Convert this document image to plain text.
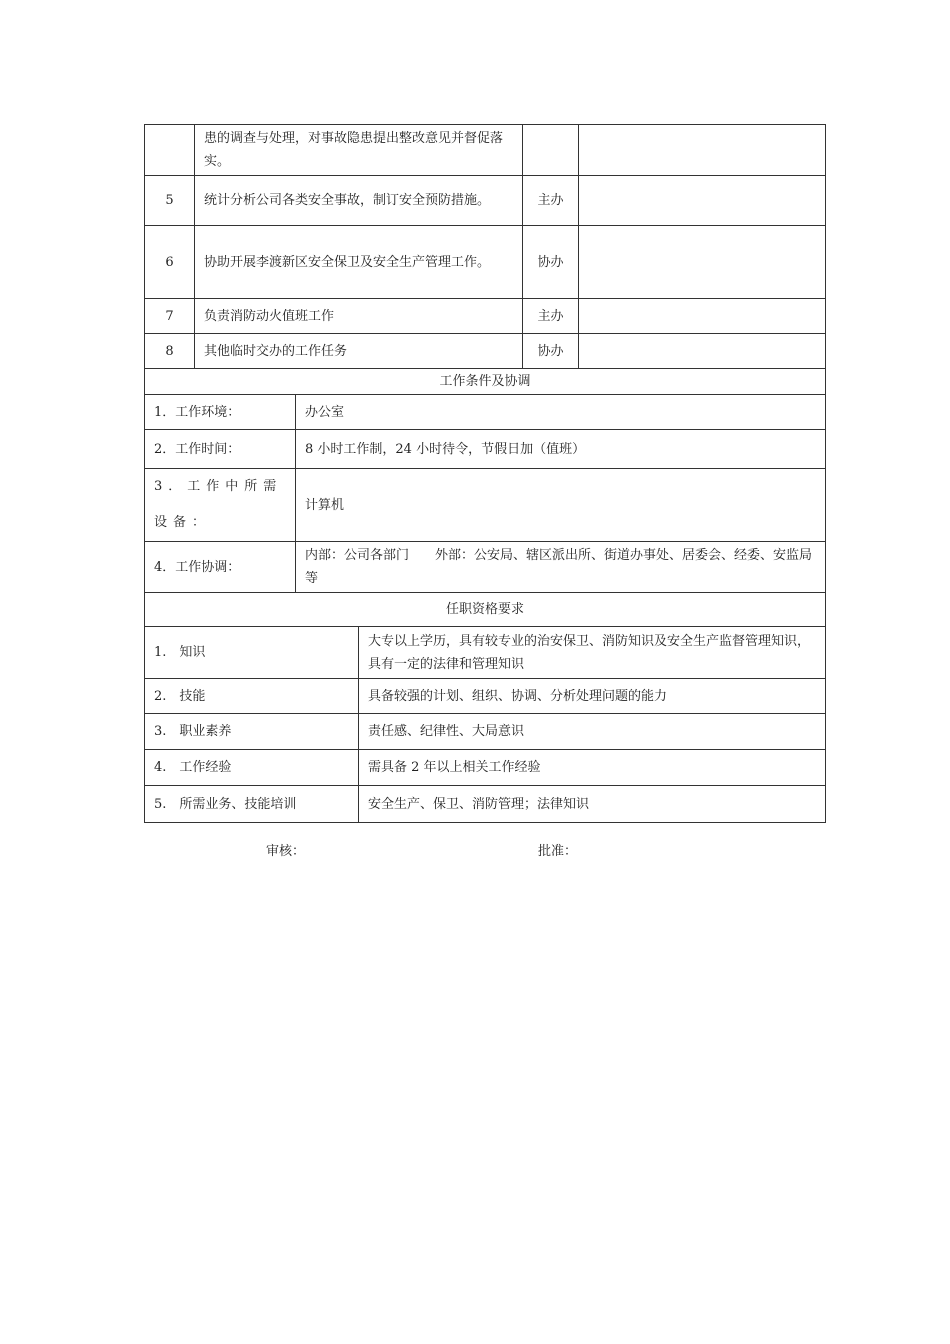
	患的调查与处理，对事故隐患提出整改意见并督促落实。		
5	统计分析公司各类安全事故，制订安全预防措施。	主办	
6	协助开展李渡新区安全保卫及安全生产管理工作。	协办	
7	负责消防动火值班工作	主办	
8	其他临时交办的工作任务	协办	
工作条件及协调	
1．工作环境：	办公室
2．工作时间：	8 小时工作制，24 小时待令，节假日加（值班）
3．工作中所需设备：	计算机
4．工作协调：	内部：公司各部门　　外部：公安局、辖区派出所、街道办事处、居委会、经委、安监局等
任职资格要求	
1.　知识	大专以上学历，具有较专业的治安保卫、消防知识及安全生产监督管理知识，具有一定的法律和管理知识
2.　技能	具备较强的计划、组织、协调、分析处理问题的能力
3.　职业素养	责任感、纪律性、大局意识
4.　工作经验	需具备 2 年以上相关工作经验
5.　所需业务、技能培训	安全生产、保卫、消防管理；法律知识
审核：	批准：
